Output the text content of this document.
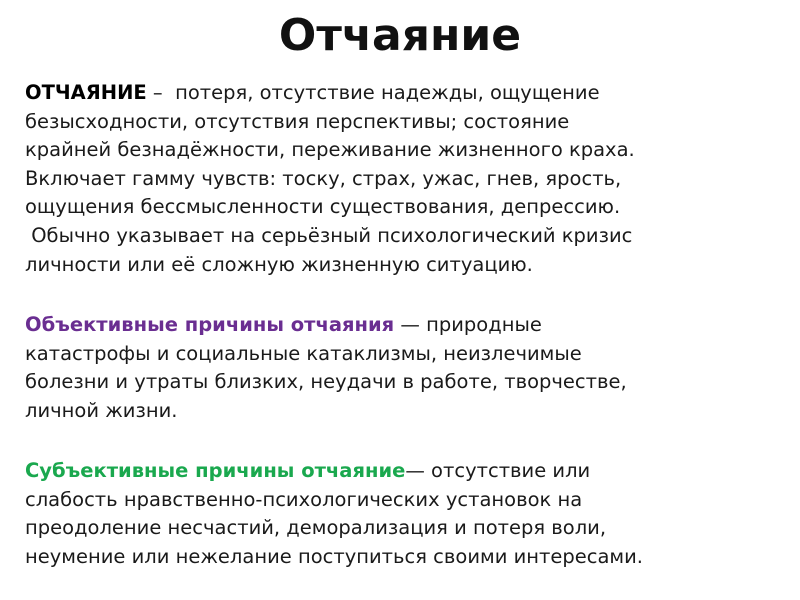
Отчаяние

ОТЧАЯНИЕ –  потеря, отсутствие надежды, ощущение
безысходности, отсутствия перспективы; состояние
крайней безнадёжности, переживание жизненного краха.
Включает гамму чувств: тоску, страх, ужас, гнев, ярость,
ощущения бессмысленности существования, депрессию.
Обычно указывает на серьёзный психологический кризис
личности или её сложную жизненную ситуацию.

Объективные причины отчаяния — природные
катастрофы и социальные катаклизмы, неизлечимые
болезни и утраты близких, неудачи в работе, творчестве,
личной жизни.

Субъективные причины отчаяние— отсутствие или
слабость нравственно-психологических установок на
преодоление несчастий, деморализация и потеря воли,
неумение или нежелание поступиться своими интересами.
